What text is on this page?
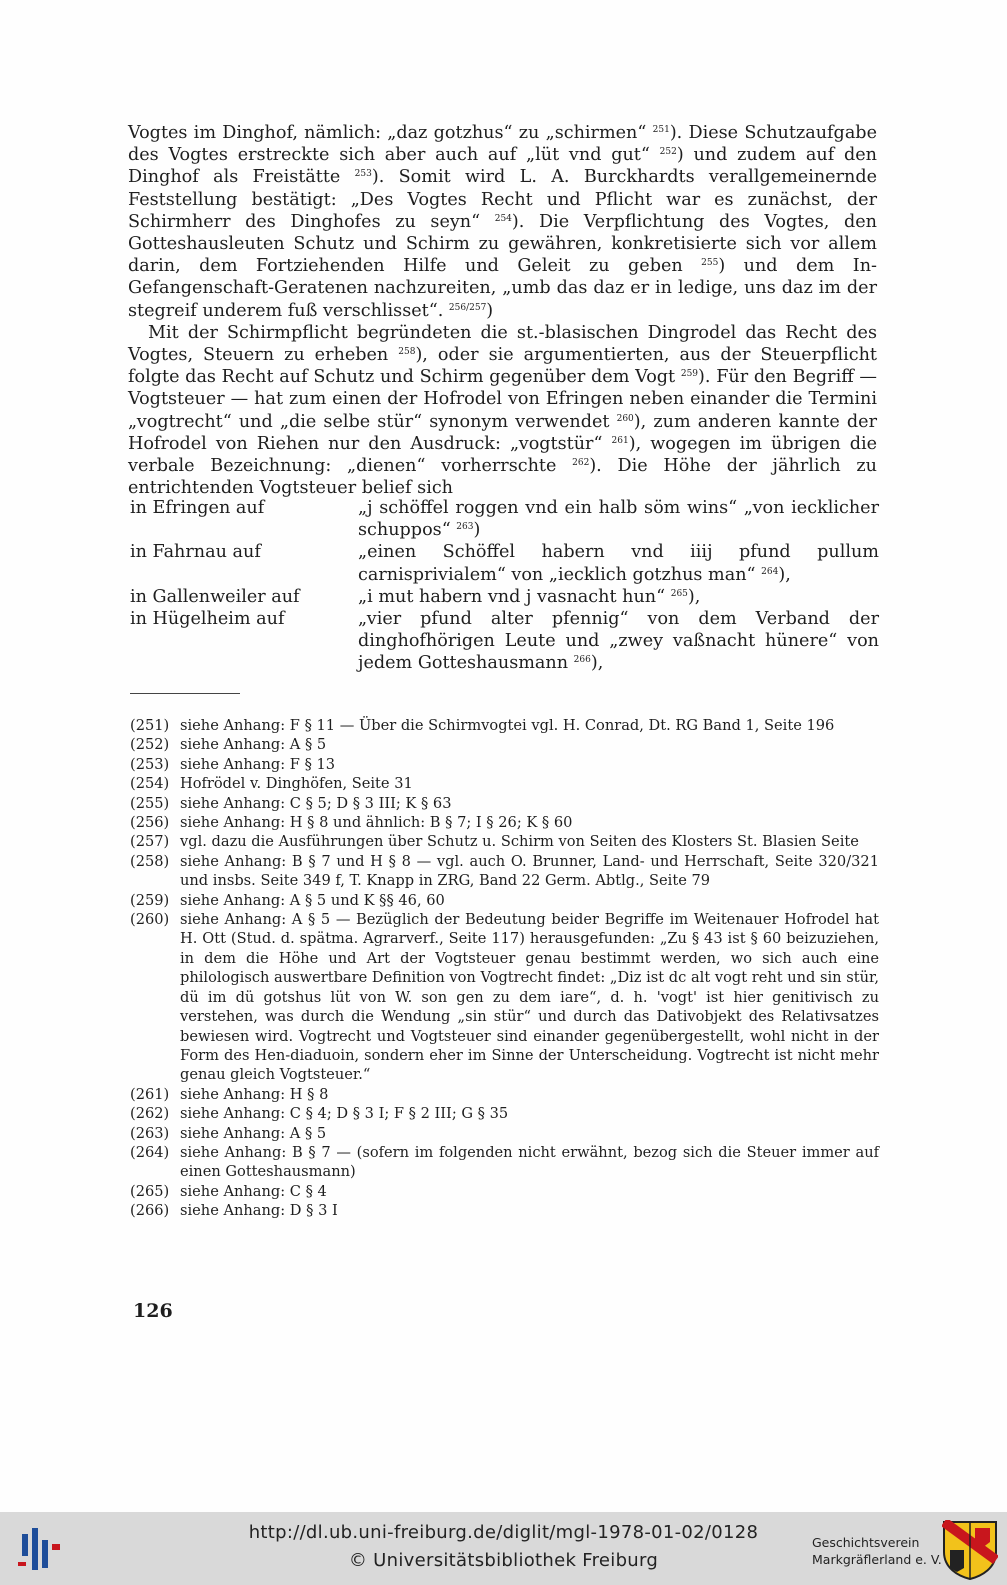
Vogtes im Dinghof, nämlich: „daz gotzhus“ zu „schirmen“ $^{251}$). Diese Schutzaufgabe des Vogtes erstreckte sich aber auch auf „lüt vnd gut“ $^{252}$) und zudem auf den Dinghof als Freistätte $^{253}$). Somit wird L. A. Burckhardts verallgemeinernde Feststellung bestätigt: „Des Vogtes Recht und Pflicht war es zunächst, der Schirmherr des Dinghofes zu seyn“ $^{254}$). Die Verpflichtung des Vogtes, den Gotteshausleuten Schutz und Schirm zu gewähren, konkretisierte sich vor allem darin, dem Fortziehenden Hilfe und Geleit zu geben $^{255}$) und dem In-Gefangenschaft-Geratenen nachzureiten, „umb das daz er in ledige, uns daz im der stegreif underem fuß verschlisset“. $^{256/257}$)

Mit der Schirmpflicht begründeten die st.-blasischen Dingrodel das Recht des Vogtes, Steuern zu erheben $^{258}$), oder sie argumentierten, aus der Steuerpflicht folgte das Recht auf Schutz und Schirm gegenüber dem Vogt $^{259}$). Für den Begriff — Vogtsteuer — hat zum einen der Hofrodel von Efringen neben einander die Termini „vogtrecht“ und „die selbe stür“ synonym verwendet $^{260}$), zum anderen kannte der Hofrodel von Riehen nur den Ausdruck: „vogtstür“ $^{261}$), wogegen im übrigen die verbale Bezeichnung: „dienen“ vorherrschte $^{262}$). Die Höhe der jährlich zu entrichtenden Vogtsteuer belief sich

in Efringen auf	„j schöffel roggen vnd ein halb söm wins“ „von iecklicher schuppos“ $^{263}$)
in Fahrnau auf	„einen Schöffel habern vnd iiij pfund pullum carnisprivialem“ von „iecklich gotzhus man“ $^{264}$),
in Gallenweiler auf	„i mut habern vnd j vasnacht hun“ $^{265}$),
in Hügelheim auf	„vier pfund alter pfennig“ von dem Verband der dinghofhörigen Leute und „zwey vaßnacht hünere“ von jedem Gotteshausmann $^{266}$),
(251) siehe Anhang: F § 11 — Über die Schirmvogtei vgl. H. Conrad, Dt. RG Band 1, Seite 196
(252) siehe Anhang: A § 5
(253) siehe Anhang: F § 13
(254) Hofrödel v. Dinghöfen, Seite 31
(255) siehe Anhang: C § 5; D § 3 III; K § 63
(256) siehe Anhang: H § 8 und ähnlich: B § 7; I § 26; K § 60
(257) vgl. dazu die Ausführungen über Schutz u. Schirm von Seiten des Klosters St. Blasien Seite
(258) siehe Anhang: B § 7 und H § 8 — vgl. auch O. Brunner, Land- und Herrschaft, Seite 320/321 und insbs. Seite 349 f, T. Knapp in ZRG, Band 22 Germ. Abtlg., Seite 79
(259) siehe Anhang: A § 5 und K §§ 46, 60
(260) siehe Anhang: A § 5 — Bezüglich der Bedeutung beider Begriffe im Weitenauer Hofrodel hat H. Ott (Stud. d. spätma. Agrarverf., Seite 117) herausgefunden: „Zu § 43 ist § 60 beizuziehen, in dem die Höhe und Art der Vogtsteuer genau bestimmt werden, wo sich auch eine philologisch auswertbare Definition von Vogtrecht findet: „Diz ist dc alt vogt reht und sin stür, dü im dü gotshus lüt von W. son gen zu dem iare“, d. h. 'vogt' ist hier genitivisch zu verstehen, was durch die Wendung „sin stür“ und durch das Dativobjekt des Relativsatzes bewiesen wird. Vogtrecht und Vogtsteuer sind einander gegenübergestellt, wohl nicht in der Form des Hen-diaduoin, sondern eher im Sinne der Unterscheidung. Vogtrecht ist nicht mehr genau gleich Vogtsteuer.“
(261) siehe Anhang: H § 8
(262) siehe Anhang: C § 4; D § 3 I; F § 2 III; G § 35
(263) siehe Anhang: A § 5
(264) siehe Anhang: B § 7 — (sofern im folgenden nicht erwähnt, bezog sich die Steuer immer auf einen Gotteshausmann)
(265) siehe Anhang: C § 4
(266) siehe Anhang: D § 3 I
126
http://dl.ub.uni-freiburg.de/diglit/mgl-1978-01-02/0128
© Universitätsbibliothek Freiburg
Geschichtsverein
Markgräflerland e. V.
